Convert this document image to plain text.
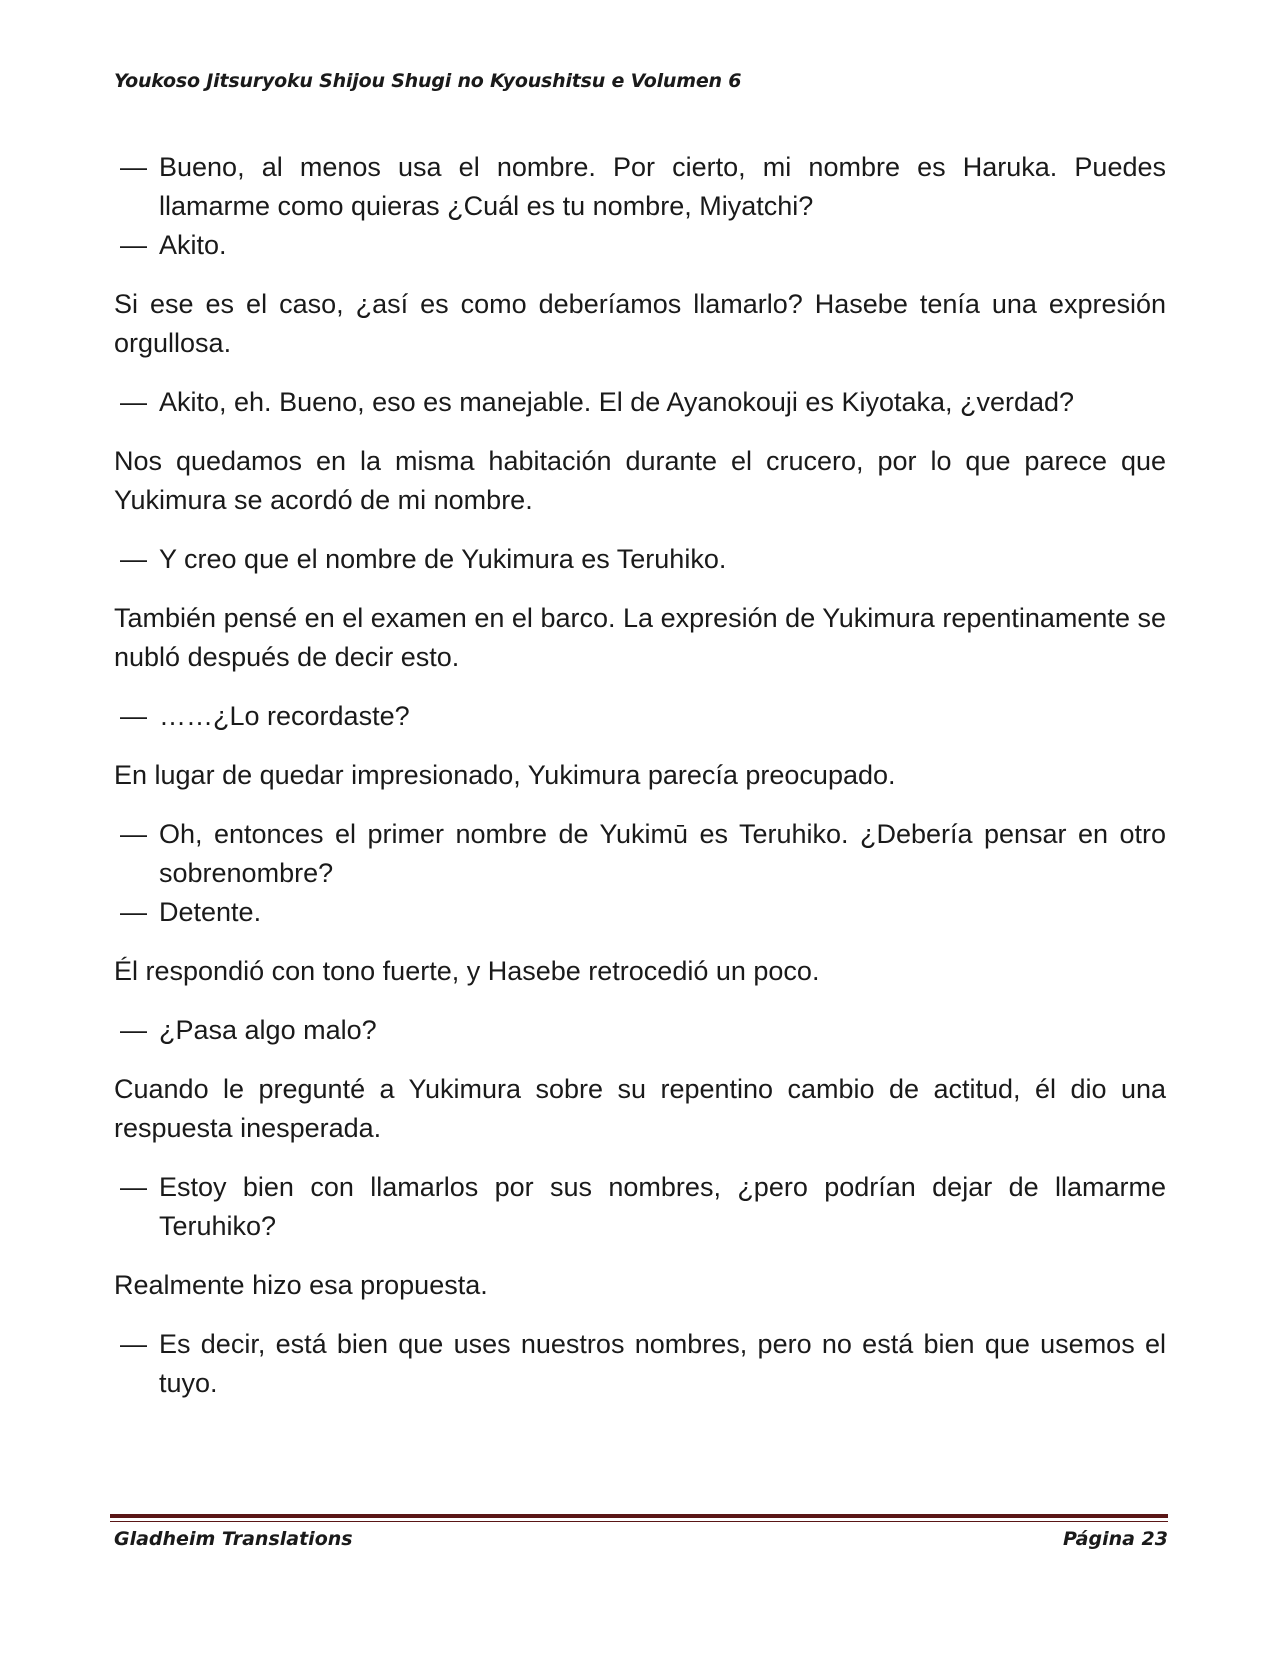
Youkoso Jitsuryoku Shijou Shugi no Kyoushitsu e Volumen 6

— Bueno, al menos usa el nombre. Por cierto, mi nombre es Haruka. Puedes llamarme como quieras ¿Cuál es tu nombre, Miyatchi?

— Akito.

Si ese es el caso, ¿así es como deberíamos llamarlo? Hasebe tenía una expresión orgullosa.

— Akito, eh. Bueno, eso es manejable. El de Ayanokouji es Kiyotaka, ¿verdad?

Nos quedamos en la misma habitación durante el crucero, por lo que parece que Yukimura se acordó de mi nombre.

— Y creo que el nombre de Yukimura es Teruhiko.

También pensé en el examen en el barco. La expresión de Yukimura repentinamente se nubló después de decir esto.

— ……¿Lo recordaste?

En lugar de quedar impresionado, Yukimura parecía preocupado.

— Oh, entonces el primer nombre de Yukimū es Teruhiko. ¿Debería pensar en otro sobrenombre?

— Detente.

Él respondió con tono fuerte, y Hasebe retrocedió un poco.

— ¿Pasa algo malo?

Cuando le pregunté a Yukimura sobre su repentino cambio de actitud, él dio una respuesta inesperada.

— Estoy bien con llamarlos por sus nombres, ¿pero podrían dejar de llamarme Teruhiko?

Realmente hizo esa propuesta.

— Es decir, está bien que uses nuestros nombres, pero no está bien que usemos el tuyo.

Gladheim Translations	Página 23
